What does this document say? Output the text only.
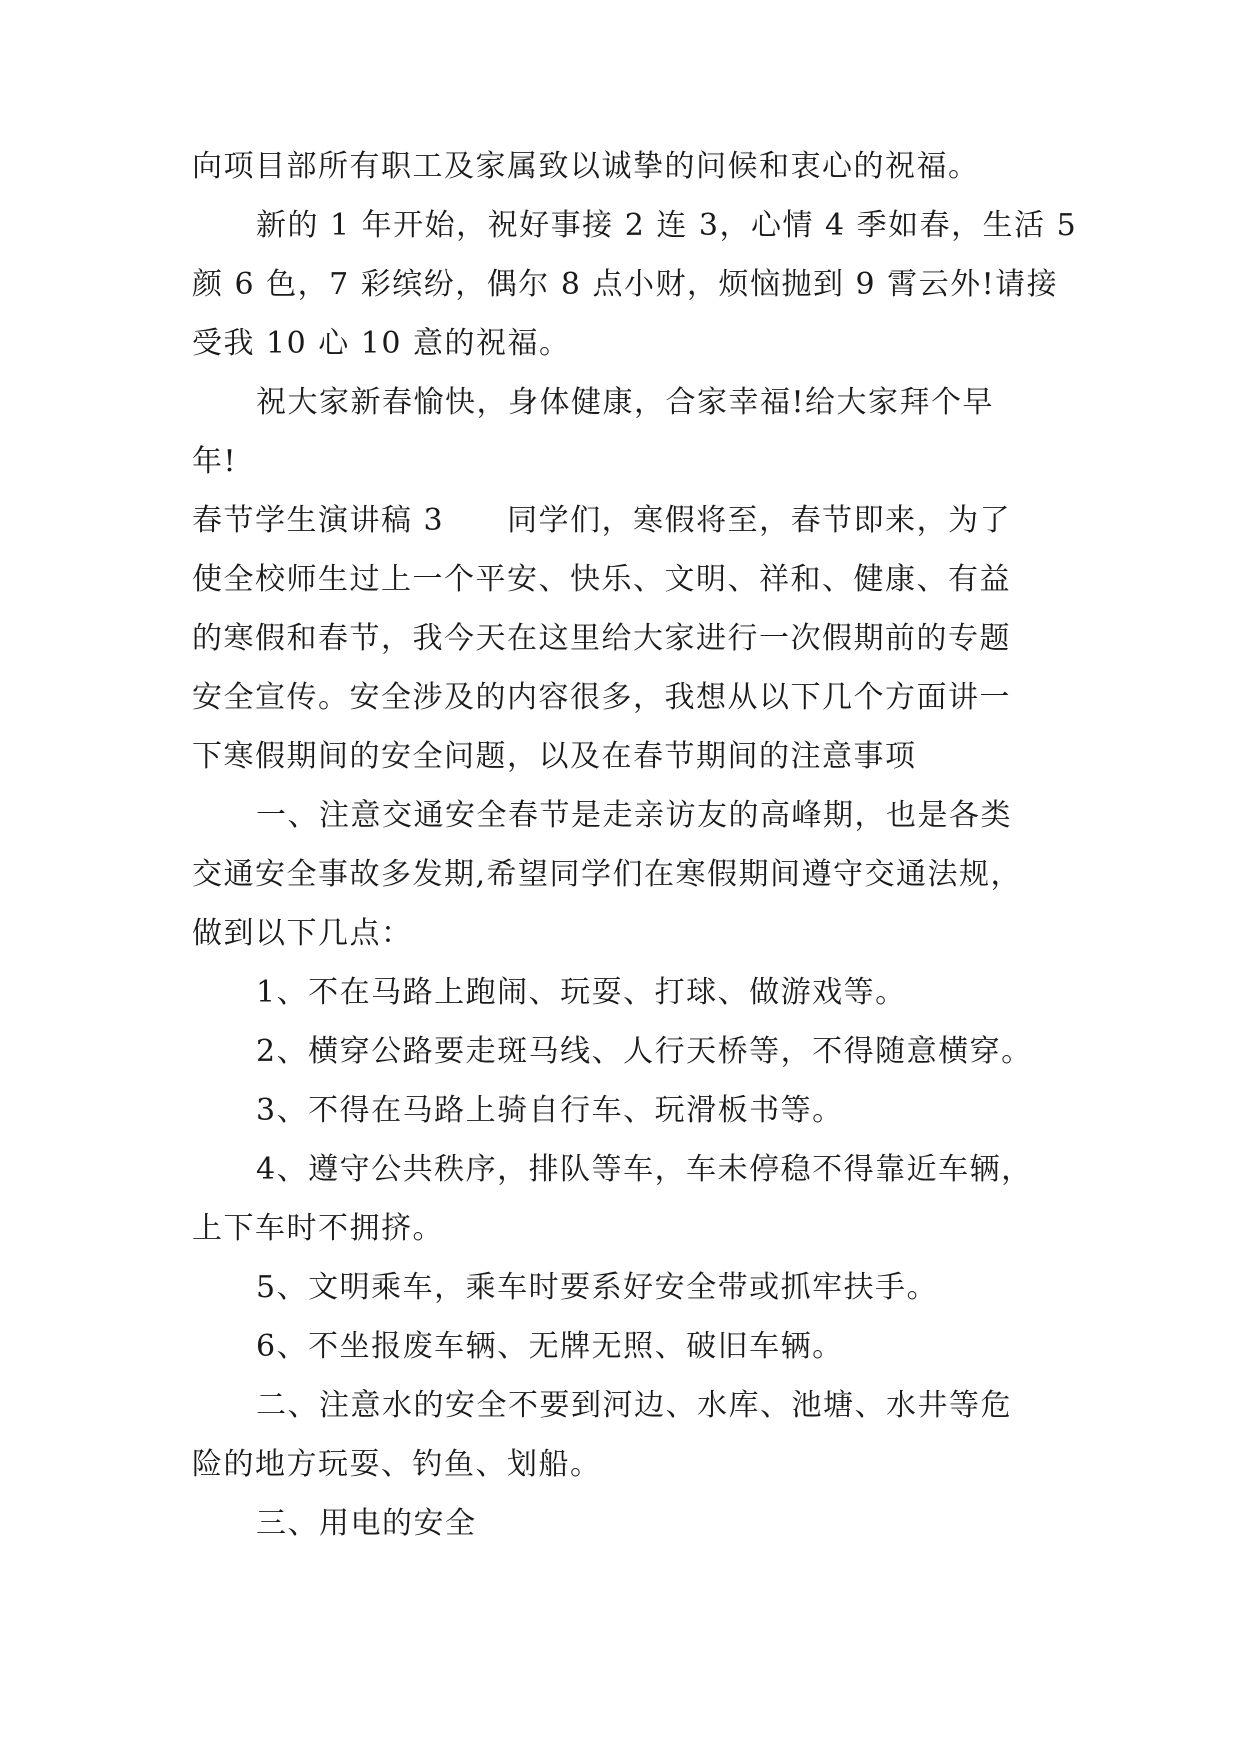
向项目部所有职工及家属致以诚挚的问候和衷心的祝福。
新的 1 年开始，祝好事接 2 连 3，心情 4 季如春，生活 5
颜 6 色，7 彩缤纷，偶尔 8 点小财，烦恼抛到 9 霄云外!请接
受我 10 心 10 意的祝福。
祝大家新春愉快，身体健康，合家幸福!给大家拜个早
年!
春节学生演讲稿 3　　同学们，寒假将至，春节即来，为了
使全校师生过上一个平安、快乐、文明、祥和、健康、有益
的寒假和春节，我今天在这里给大家进行一次假期前的专题
安全宣传。安全涉及的内容很多，我想从以下几个方面讲一
下寒假期间的安全问题，以及在春节期间的注意事项
一、注意交通安全春节是走亲访友的高峰期，也是各类
交通安全事故多发期,希望同学们在寒假期间遵守交通法规，
做到以下几点：
1、不在马路上跑闹、玩耍、打球、做游戏等。
2、横穿公路要走斑马线、人行天桥等，不得随意横穿。
3、不得在马路上骑自行车、玩滑板书等。
4、遵守公共秩序，排队等车，车未停稳不得靠近车辆，
上下车时不拥挤。
5、文明乘车，乘车时要系好安全带或抓牢扶手。
6、不坐报废车辆、无牌无照、破旧车辆。
二、注意水的安全不要到河边、水库、池塘、水井等危
险的地方玩耍、钓鱼、划船。
三、用电的安全
